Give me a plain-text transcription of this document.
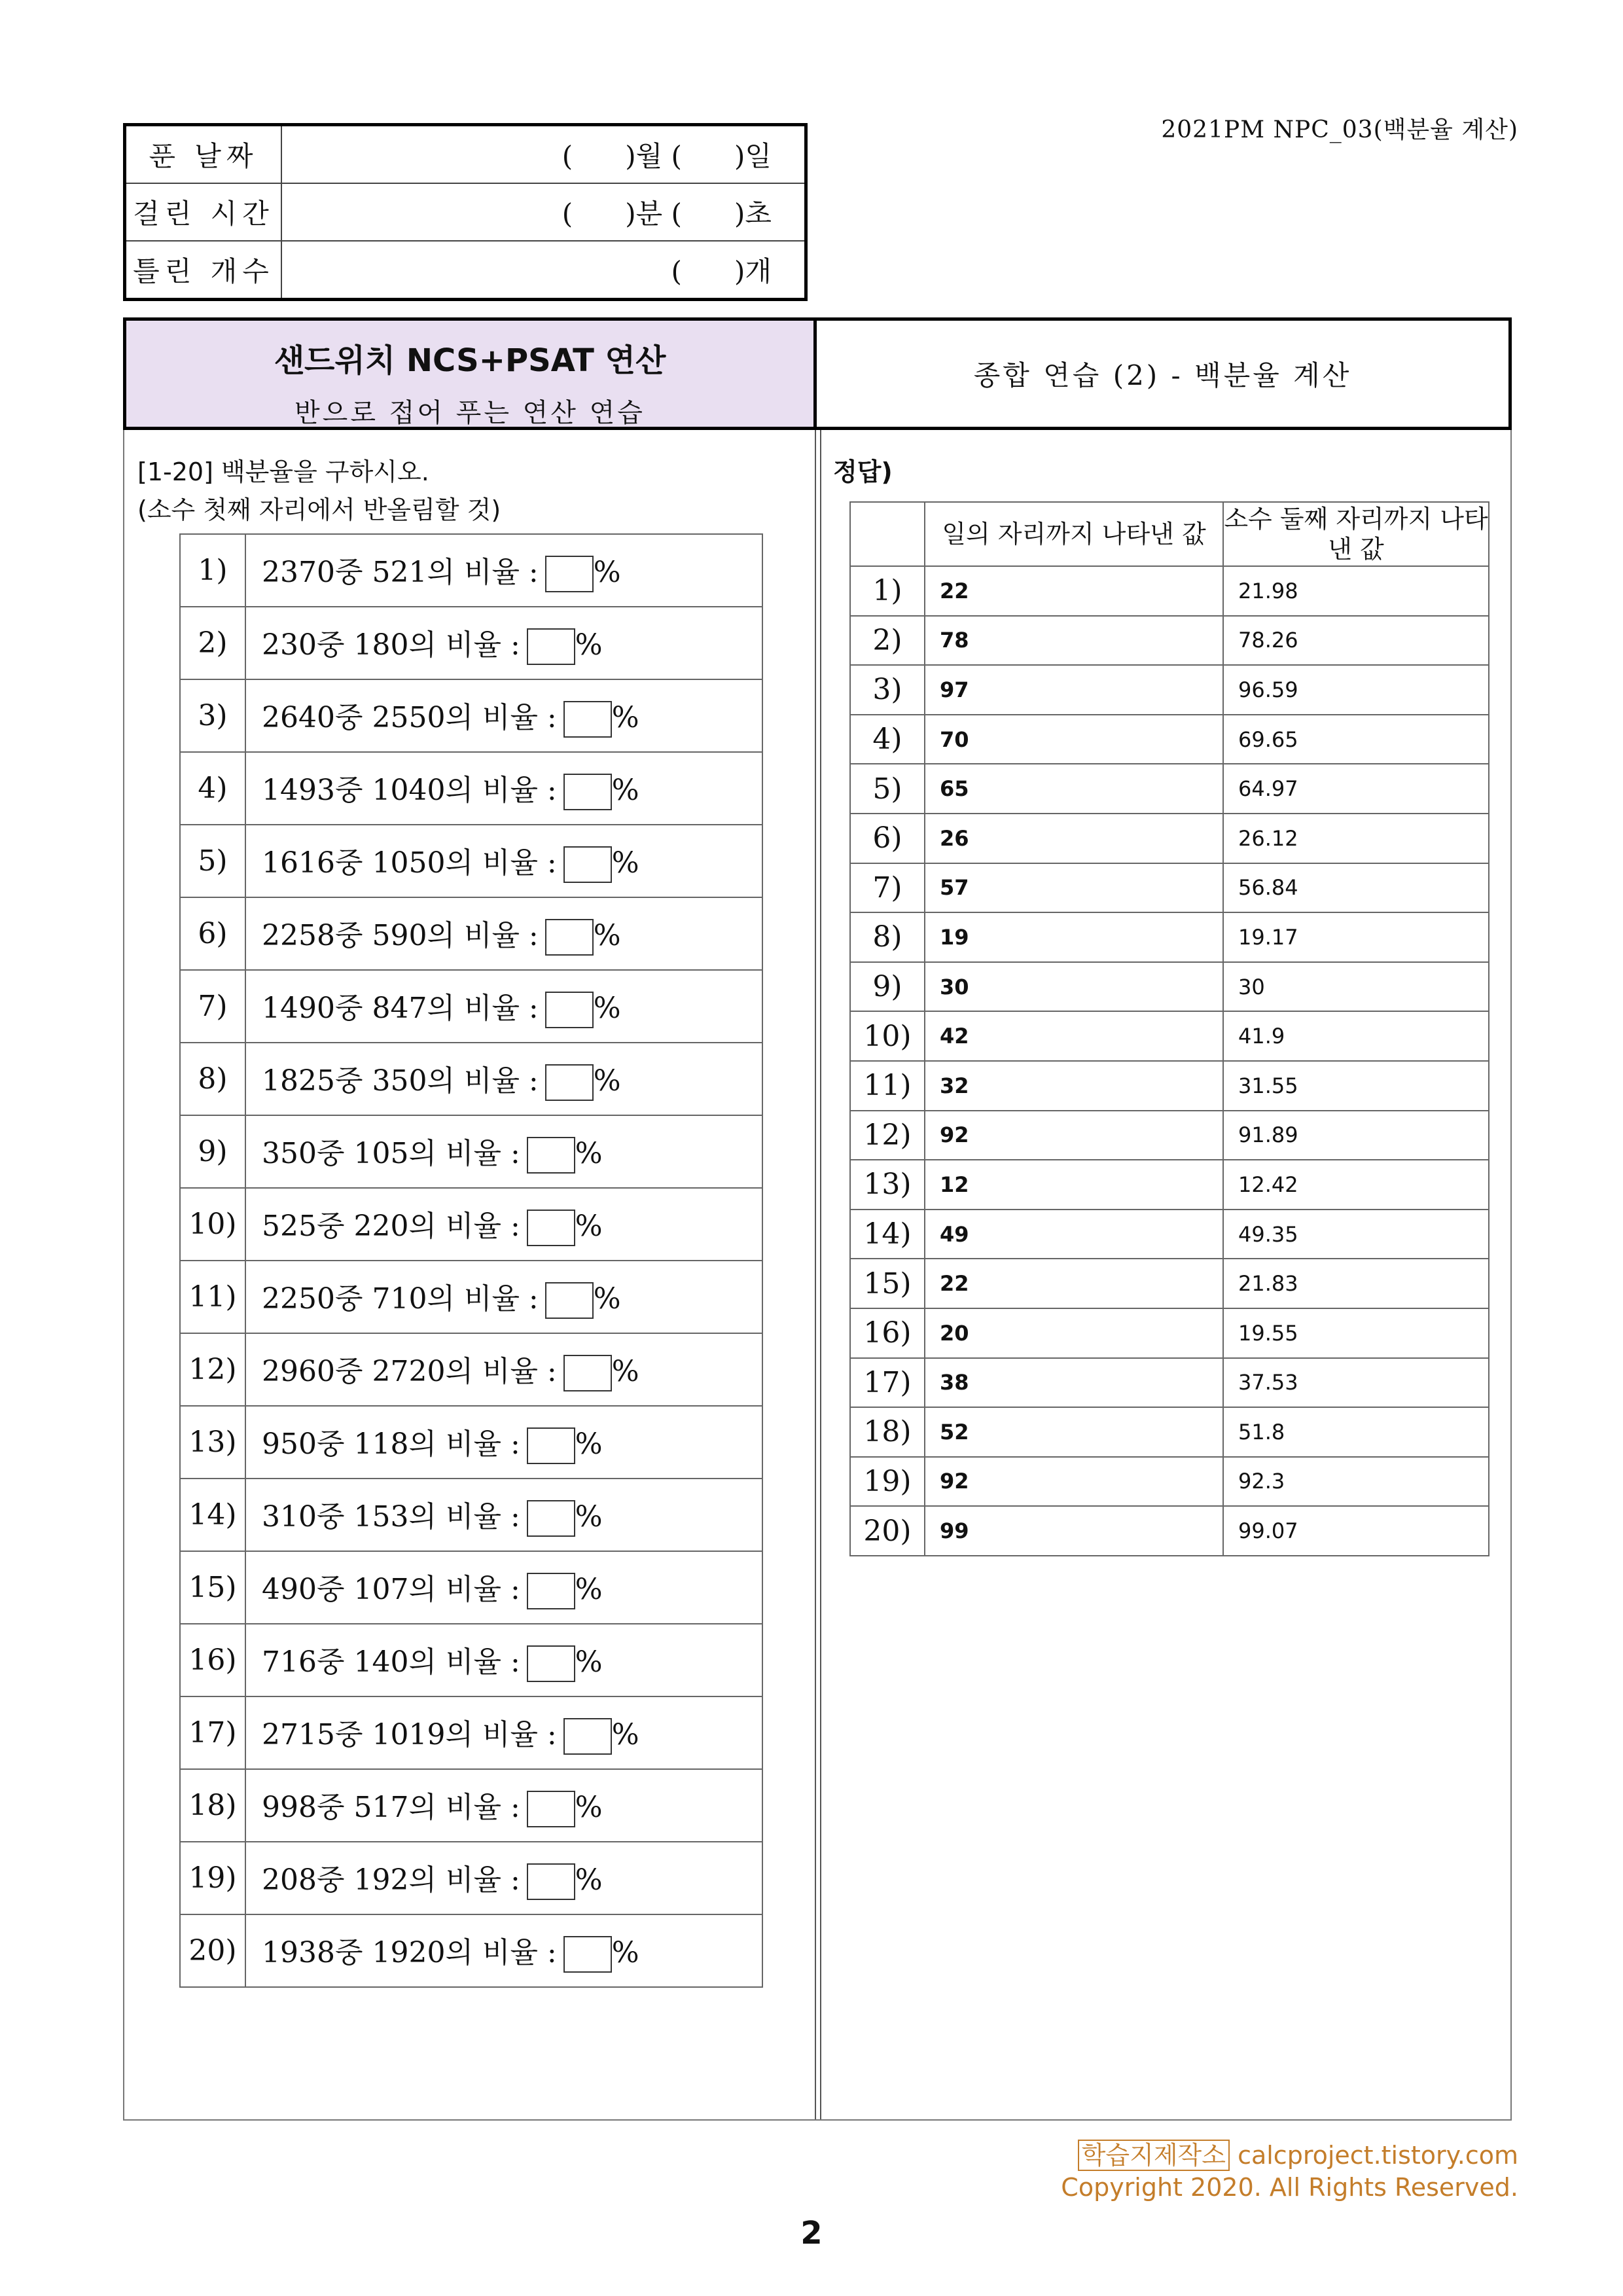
2021PM NPC_03(백분율 계산)
푼 날짜	(      )월 (      )일
걸린 시간	(      )분 (      )초
틀린 개수	(      )개
샌드위치 NCS+PSAT 연산
반으로 접어 푸는 연산 연습
종합 연습 (2) - 백분율 계산
[1-20] 백분율을 구하시오.
(소수 첫째 자리에서 반올림할 것)
1)	2370중 521의 비율 : %
2)	230중 180의 비율 : %
3)	2640중 2550의 비율 : %
4)	1493중 1040의 비율 : %
5)	1616중 1050의 비율 : %
6)	2258중 590의 비율 : %
7)	1490중 847의 비율 : %
8)	1825중 350의 비율 : %
9)	350중 105의 비율 : %
10)	525중 220의 비율 : %
11)	2250중 710의 비율 : %
12)	2960중 2720의 비율 : %
13)	950중 118의 비율 : %
14)	310중 153의 비율 : %
15)	490중 107의 비율 : %
16)	716중 140의 비율 : %
17)	2715중 1019의 비율 : %
18)	998중 517의 비율 : %
19)	208중 192의 비율 : %
20)	1938중 1920의 비율 : %
정답)
	일의 자리까지 나타낸 값	소수 둘째 자리까지 나타낸 값
1)	22	21.98
2)	78	78.26
3)	97	96.59
4)	70	69.65
5)	65	64.97
6)	26	26.12
7)	57	56.84
8)	19	19.17
9)	30	30
10)	42	41.9
11)	32	31.55
12)	92	91.89
13)	12	12.42
14)	49	49.35
15)	22	21.83
16)	20	19.55
17)	38	37.53
18)	52	51.8
19)	92	92.3
20)	99	99.07
학습지제작소 calcproject.tistory.com
Copyright 2020. All Rights Reserved.
2
